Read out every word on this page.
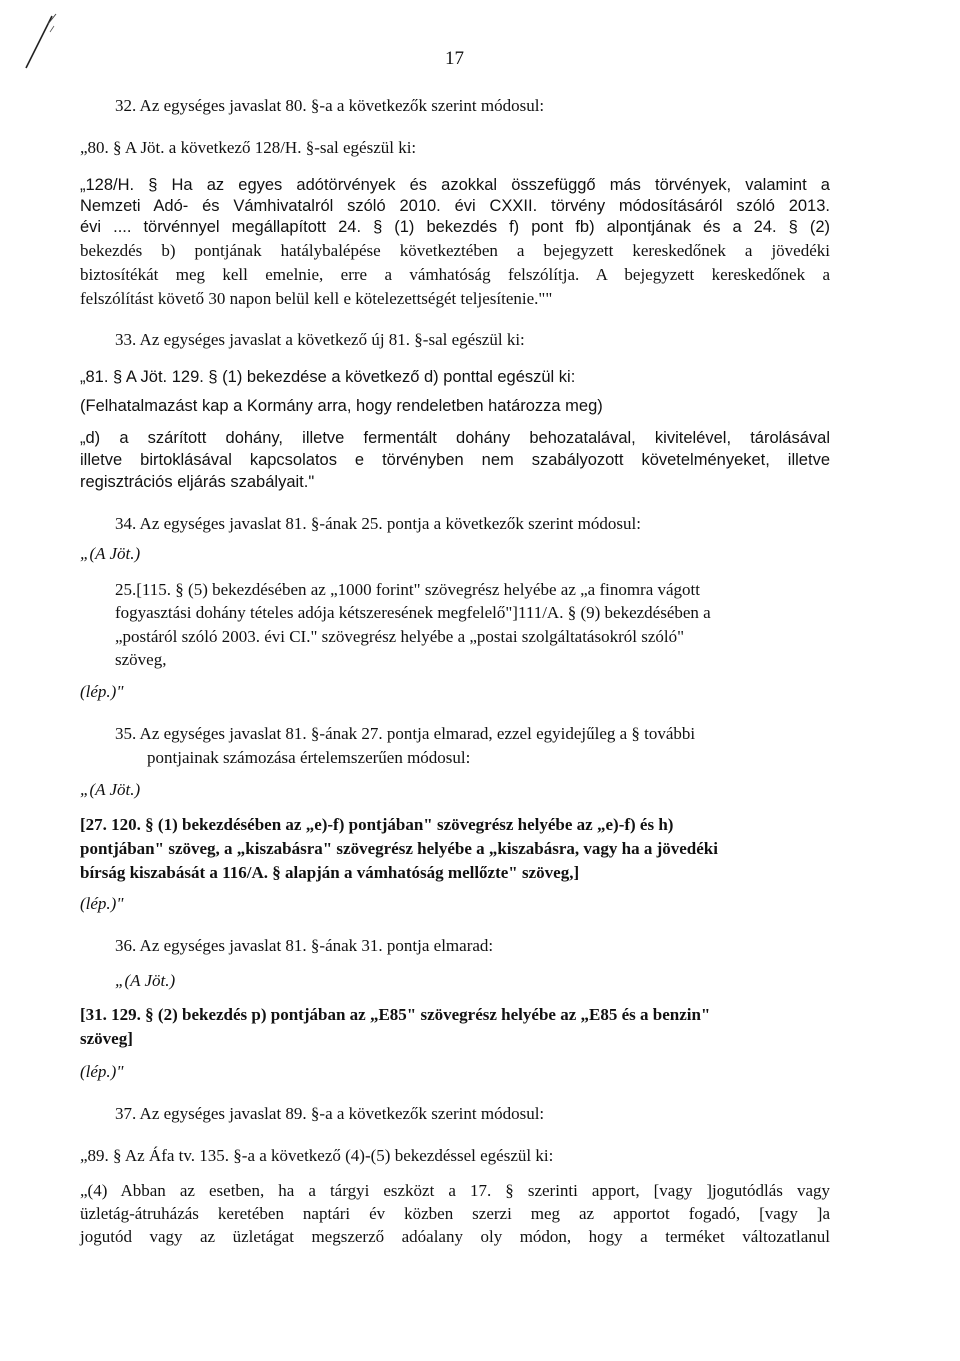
17
32. Az egységes javaslat 80. §-a a következők szerint módosul:
„80. § A Jöt. a következő 128/H. §-sal egészül ki:
„128/H. § Ha az egyes adótörvények és azokkal összefüggő más törvények, valamint a
Nemzeti Adó- és Vámhivatalról szóló 2010. évi CXXII. törvény módosításáról szóló 2013.
évi .... törvénnyel megállapított 24. § (1) bekezdés f) pont fb) alpontjának és a 24. § (2)
bekezdés b) pontjának hatálybalépése következtében a bejegyzett kereskedőnek a jövedéki
biztosítékát meg kell emelnie, erre a vámhatóság felszólítja. A bejegyzett kereskedőnek a
felszólítást követő 30 napon belül kell e kötelezettségét teljesítenie.""
33. Az egységes javaslat a következő új 81. §-sal egészül ki:
„81. § A Jöt. 129. § (1) bekezdése a következő d) ponttal egészül ki:
(Felhatalmazást kap a Kormány arra, hogy rendeletben határozza meg)
„d) a szárított dohány, illetve fermentált dohány behozatalával, kivitelével, tárolásával
illetve birtoklásával kapcsolatos e törvényben nem szabályozott követelményeket, illetve
regisztrációs eljárás szabályait."
34. Az egységes javaslat 81. §-ának 25. pontja a következők szerint módosul:
„(A Jöt.)
25.[115. § (5) bekezdésében az „1000 forint" szövegrész helyébe az „a finomra vágott
fogyasztási dohány tételes adója kétszeresének megfelelő"]111/A. § (9) bekezdésében a
„postáról szóló 2003. évi CI." szövegrész helyébe a „postai szolgáltatásokról szóló"
szöveg,
(lép.)"
35. Az egységes javaslat 81. §-ának 27. pontja elmarad, ezzel egyidejűleg a § további
pontjainak számozása értelemszerűen módosul:
„(A Jöt.)
[27. 120. § (1) bekezdésében az „e)-f) pontjában" szövegrész helyébe az „e)-f) és h)
pontjában" szöveg, a „kiszabásra" szövegrész helyébe a „kiszabásra, vagy ha a jövedéki
bírság kiszabását a 116/A. § alapján a vámhatóság mellőzte" szöveg,]
(lép.)"
36. Az egységes javaslat 81. §-ának 31. pontja elmarad:
„(A Jöt.)
[31. 129. § (2) bekezdés p) pontjában az „E85" szövegrész helyébe az „E85 és a benzin"
szöveg]
(lép.)"
37. Az egységes javaslat 89. §-a a következők szerint módosul:
„89. § Az Áfa tv. 135. §-a a következő (4)-(5) bekezdéssel egészül ki:
„(4) Abban az esetben, ha a tárgyi eszközt a 17. § szerinti apport, [vagy ]jogutódlás vagy
üzletág-átruházás keretében naptári év közben szerzi meg az apportot fogadó, [vagy ]a
jogutód vagy az üzletágat megszerző adóalany oly módon, hogy a terméket változatlanul
